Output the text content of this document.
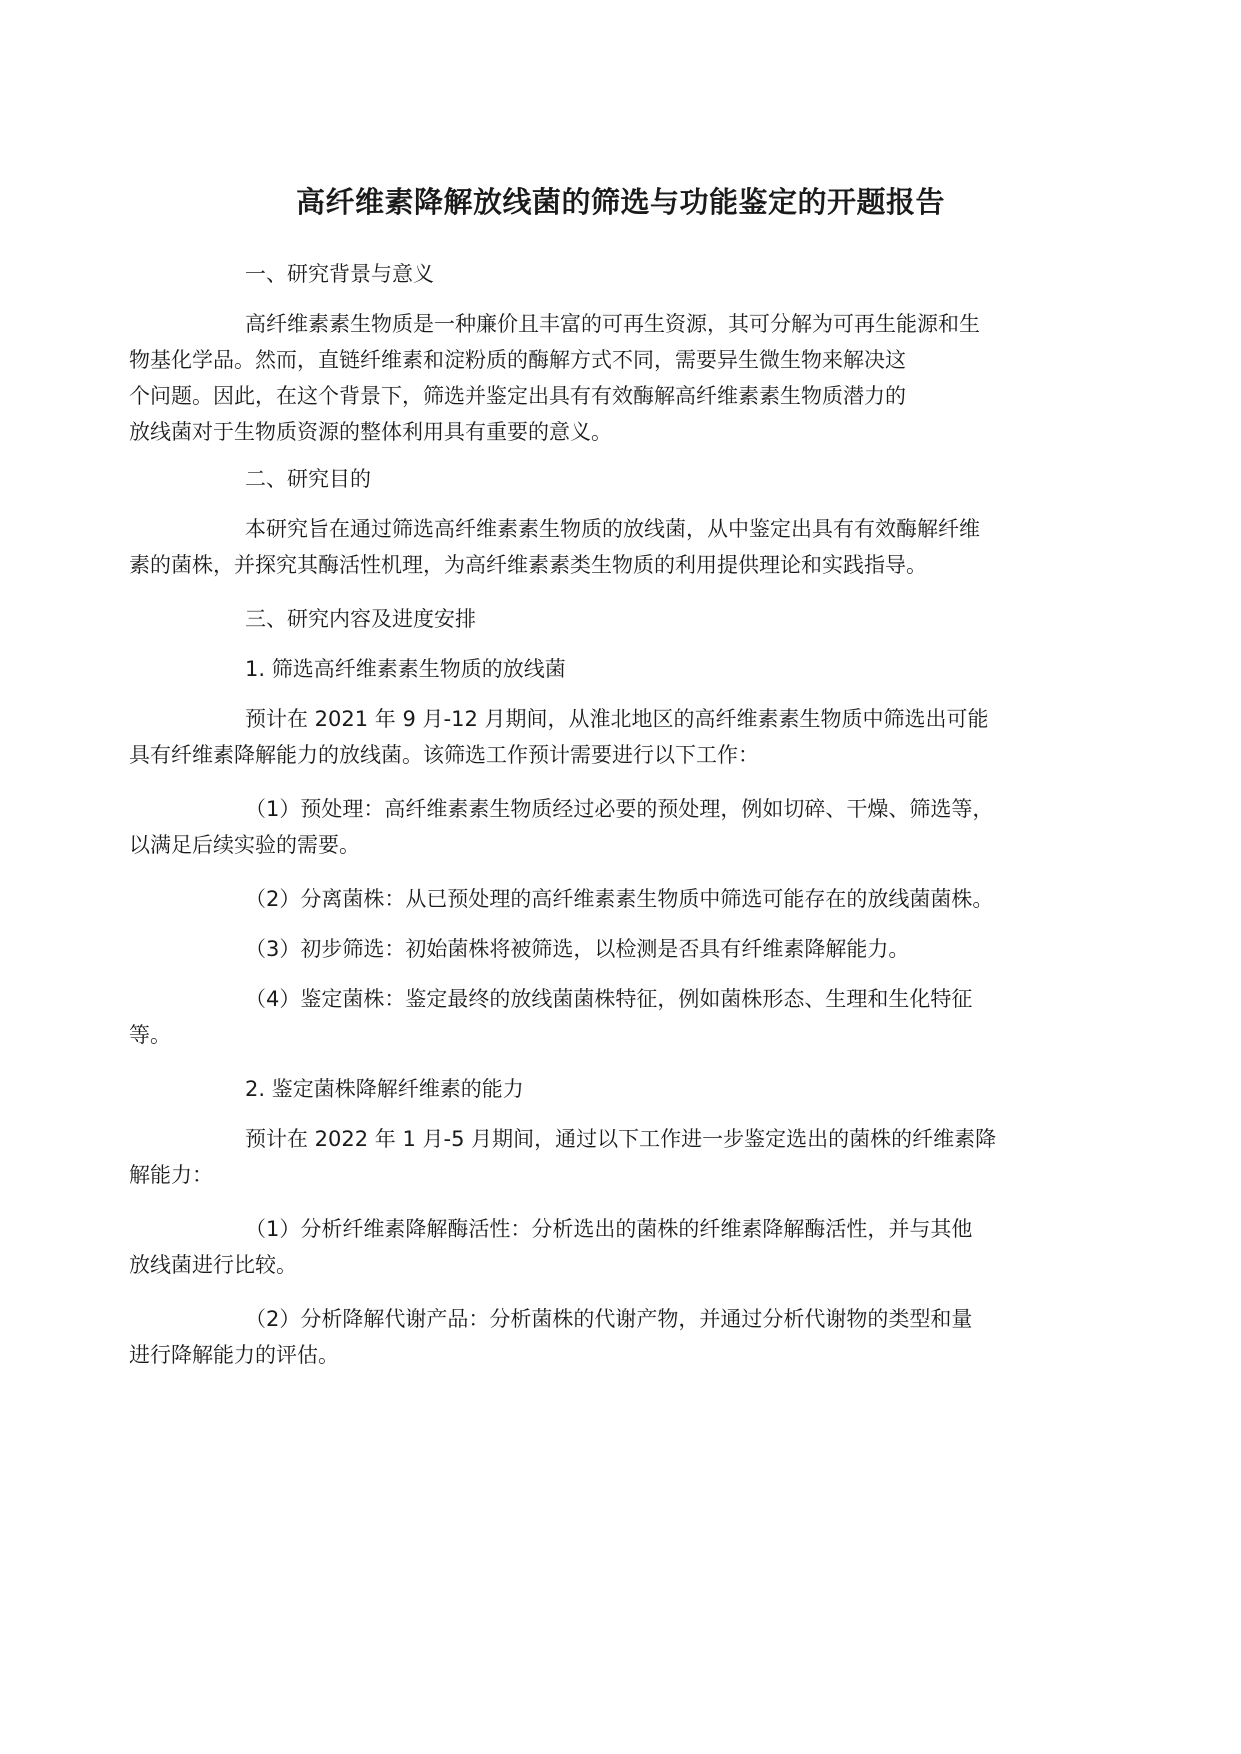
高纤维素降解放线菌的筛选与功能鉴定的开题报告
一、研究背景与意义
高纤维素素生物质是一种廉价且丰富的可再生资源，其可分解为可再生能源和生
物基化学品。然而，直链纤维素和淀粉质的酶解方式不同，需要异生微生物来解决这
个问题。因此，在这个背景下，筛选并鉴定出具有有效酶解高纤维素素生物质潜力的
放线菌对于生物质资源的整体利用具有重要的意义。
二、研究目的
本研究旨在通过筛选高纤维素素生物质的放线菌，从中鉴定出具有有效酶解纤维
素的菌株，并探究其酶活性机理，为高纤维素素类生物质的利用提供理论和实践指导。
三、研究内容及进度安排
1. 筛选高纤维素素生物质的放线菌
预计在 2021 年 9 月-12 月期间，从淮北地区的高纤维素素生物质中筛选出可能
具有纤维素降解能力的放线菌。该筛选工作预计需要进行以下工作：
（1）预处理：高纤维素素生物质经过必要的预处理，例如切碎、干燥、筛选等，
以满足后续实验的需要。
（2）分离菌株：从已预处理的高纤维素素生物质中筛选可能存在的放线菌菌株。
（3）初步筛选：初始菌株将被筛选，以检测是否具有纤维素降解能力。
（4）鉴定菌株：鉴定最终的放线菌菌株特征，例如菌株形态、生理和生化特征
等。
2. 鉴定菌株降解纤维素的能力
预计在 2022 年 1 月-5 月期间，通过以下工作进一步鉴定选出的菌株的纤维素降
解能力：
（1）分析纤维素降解酶活性：分析选出的菌株的纤维素降解酶活性，并与其他
放线菌进行比较。
（2）分析降解代谢产品：分析菌株的代谢产物，并通过分析代谢物的类型和量
进行降解能力的评估。
